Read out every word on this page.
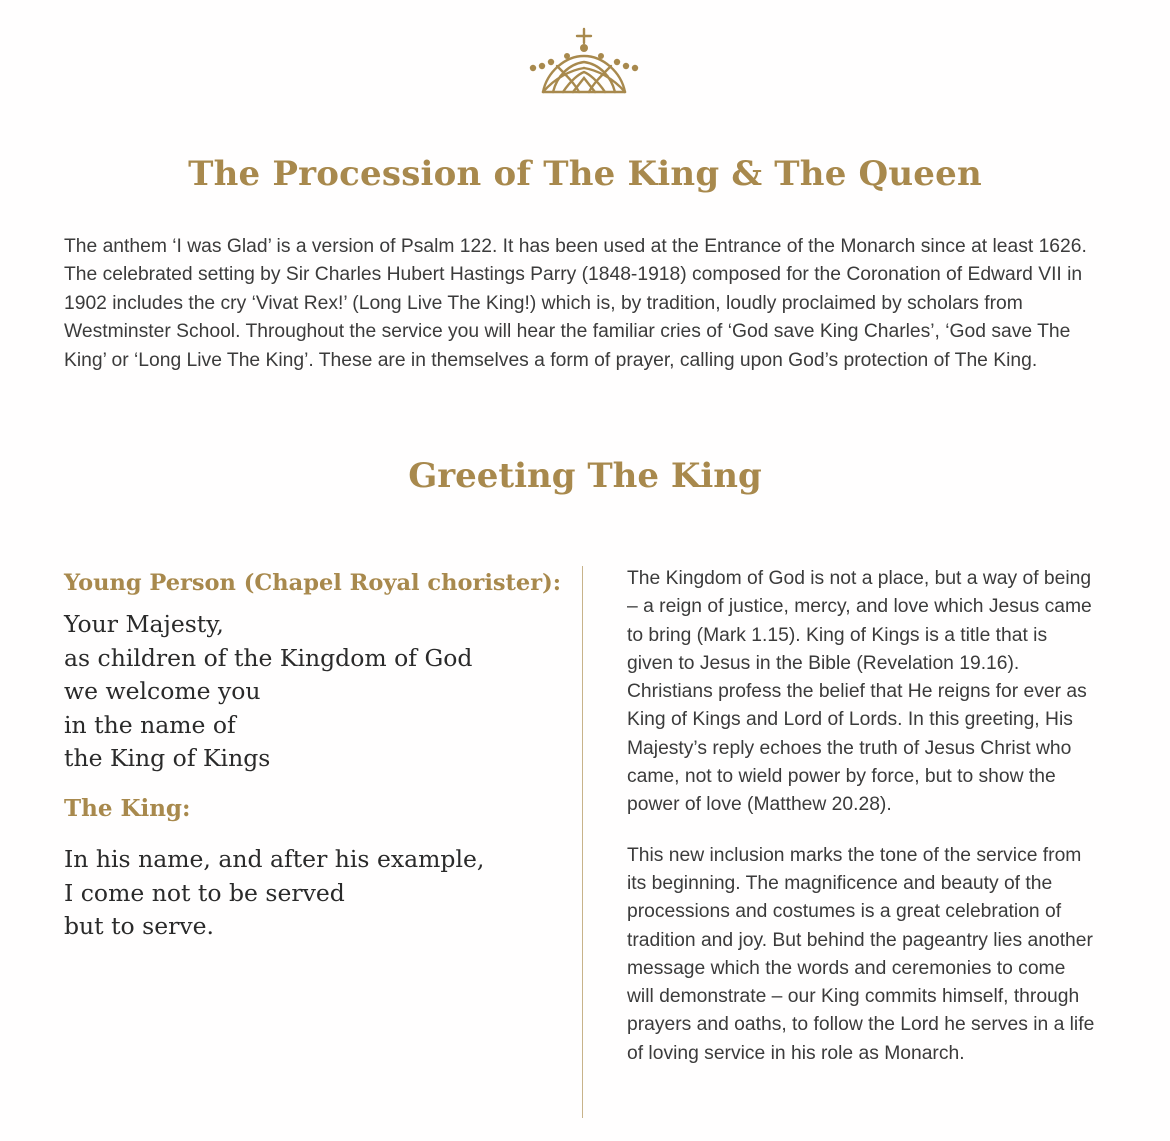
The Procession of The King & The Queen

The anthem ‘I was Glad’ is a version of Psalm 122. It has been used at the Entrance of the Monarch since at least 1626. The celebrated setting by Sir Charles Hubert Hastings Parry (1848-1918) composed for the Coronation of Edward VII in 1902 includes the cry ‘Vivat Rex!’ (Long Live The King!) which is, by tradition, loudly proclaimed by scholars from Westminster School. Throughout the service you will hear the familiar cries of ‘God save King Charles’, ‘God save The King’ or ‘Long Live The King’. These are in themselves a form of prayer, calling upon God’s protection of The King.

Greeting The King

Young Person (Chapel Royal chorister):

Your Majesty,
as children of the Kingdom of God
we welcome you
in the name of
the King of Kings

The King:

In his name, and after his example,
I come not to be served
but to serve.

The Kingdom of God is not a place, but a way of being – a reign of justice, mercy, and love which Jesus came to bring (Mark 1.15). King of Kings is a title that is given to Jesus in the Bible (Revelation 19.16). Christians profess the belief that He reigns for ever as King of Kings and Lord of Lords. In this greeting, His Majesty’s reply echoes the truth of Jesus Christ who came, not to wield power by force, but to show the power of love (Matthew 20.28).

This new inclusion marks the tone of the service from its beginning. The magnificence and beauty of the processions and costumes is a great celebration of tradition and joy. But behind the pageantry lies another message which the words and ceremonies to come will demonstrate – our King commits himself, through prayers and oaths, to follow the Lord he serves in a life of loving service in his role as Monarch.
